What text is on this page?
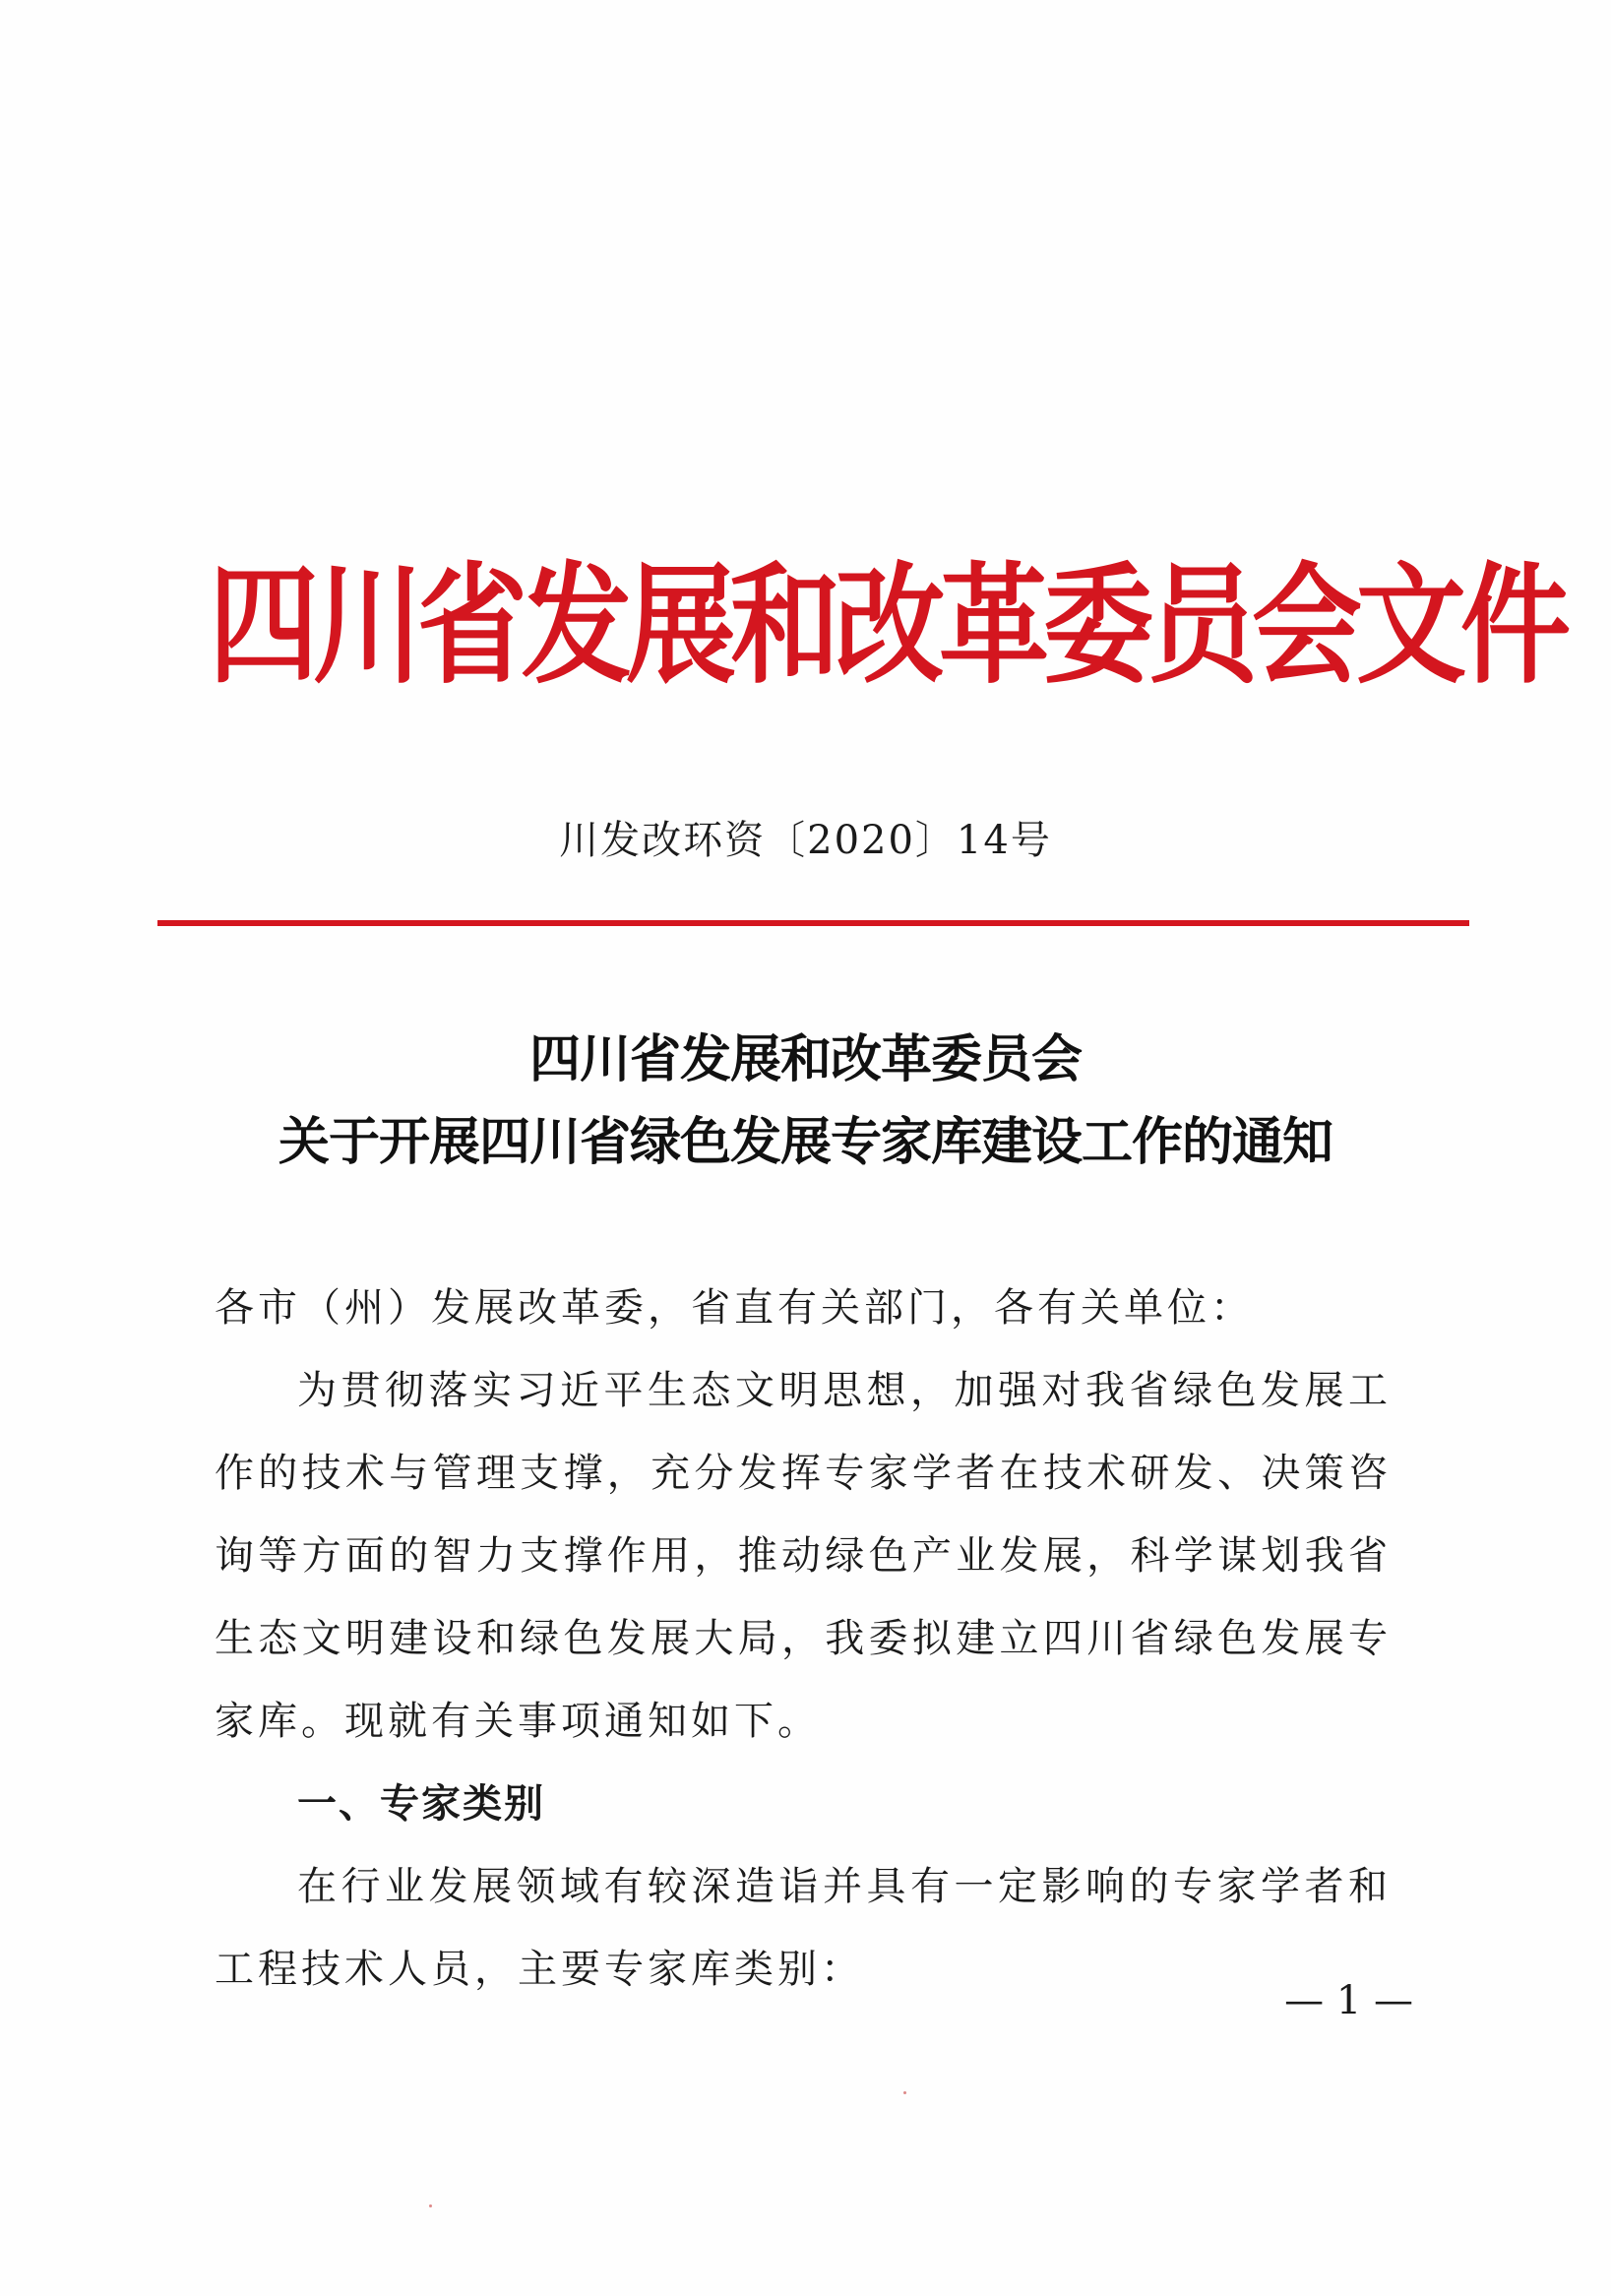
四川省发展和改革委员会文件
川发改环资〔2020〕14号
四川省发展和改革委员会
关于开展四川省绿色发展专家库建设工作的通知

各市（州）发展改革委，省直有关部门，各有关单位：

为贯彻落实习近平生态文明思想，加强对我省绿色发展工作的技术与管理支撑，充分发挥专家学者在技术研发、决策咨询等方面的智力支撑作用，推动绿色产业发展，科学谋划我省生态文明建设和绿色发展大局，我委拟建立四川省绿色发展专家库。现就有关事项通知如下。

一、专家类别

在行业发展领域有较深造诣并具有一定影响的专家学者和工程技术人员，主要专家库类别：

— 1 —
